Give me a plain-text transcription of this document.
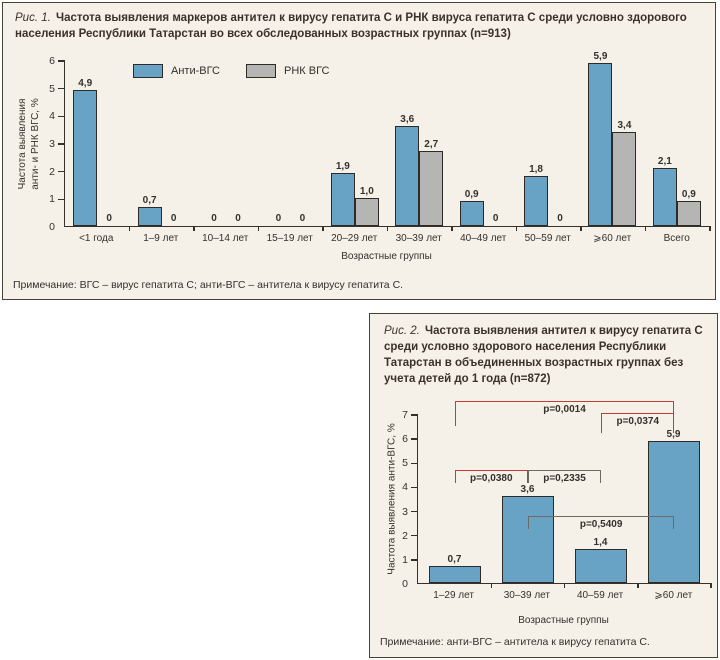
Рис. 1. Частота выявления маркеров антител к вирусу гепатита С и РНК вируса гепатита С среди условно здорового населения Республики Татарстан во всех обследованных возрастных группах (n=913)
Анти-ВГС	РНК ВГС
Частота выявления анти- и РНК ВГС, %
0
1
2
3
4
5
6
4,9
0
0,7
0	0 0	0 0
1,9
1,0
3,6
2,7
0,9
0
1,8
0
5,9
3,4
2,1
0,9
<1 года	1–9 лет	10–14 лет	15–19 лет	20–29 лет	30–39 лет	40–49 лет	50–59 лет	⩾60 лет	Всего
Возрастные группы
Примечание: ВГС – вирус гепатита С; анти-ВГС – антитела к вирусу гепатита С.
Рис. 2. Частота выявления антител к вирусу гепатита С среди условно здорового населения Республики Татарстан в объединенных возрастных группах без учета детей до 1 года (n=872)
Частота выявления анти-ВГС, %
0
1
2
3
4
5
6
7
0,7
3,6
1,4
5,9
p=0,0014
p=0,0374
p=0,0380	p=0,2335
p=0,5409
1–29 лет	30–39 лет	40–59 лет	⩾60 лет
Возрастные группы
Примечание: анти-ВГС – антитела к вирусу гепатита С.
